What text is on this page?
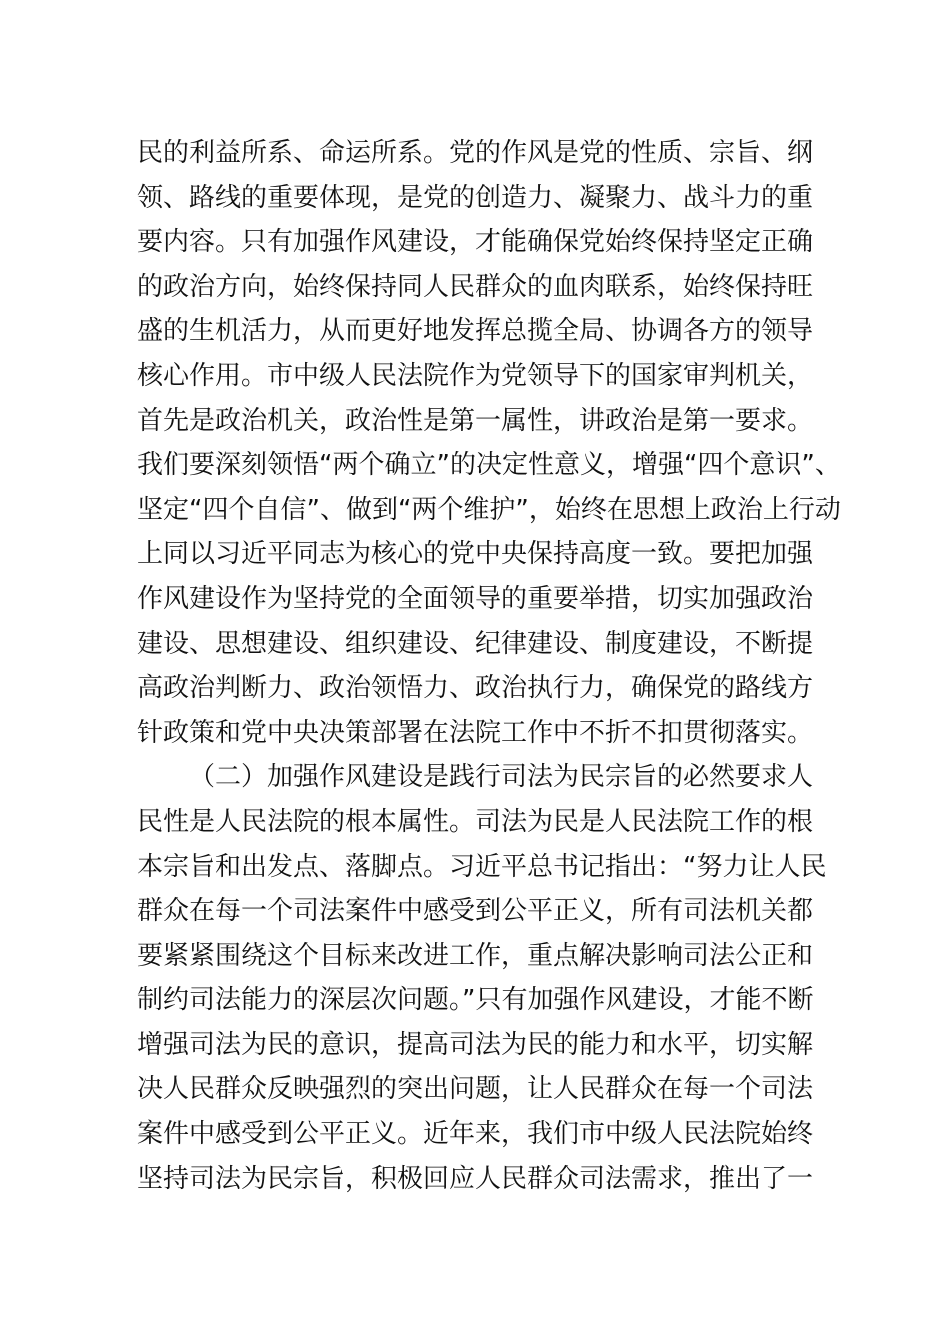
民的利益所系、命运所系。党的作风是党的性质、宗旨、纲
领、路线的重要体现，是党的创造力、凝聚力、战斗力的重
要内容。只有加强作风建设，才能确保党始终保持坚定正确
的政治方向，始终保持同人民群众的血肉联系，始终保持旺
盛的生机活力，从而更好地发挥总揽全局、协调各方的领导
核心作用。市中级人民法院作为党领导下的国家审判机关，
首先是政治机关，政治性是第一属性，讲政治是第一要求。
我们要深刻领悟“两个确立”的决定性意义，增强“四个意识”、
坚定“四个自信”、做到“两个维护”，始终在思想上政治上行动
上同以习近平同志为核心的党中央保持高度一致。要把加强
作风建设作为坚持党的全面领导的重要举措，切实加强政治
建设、思想建设、组织建设、纪律建设、制度建设，不断提
高政治判断力、政治领悟力、政治执行力，确保党的路线方
针政策和党中央决策部署在法院工作中不折不扣贯彻落实。
（二）加强作风建设是践行司法为民宗旨的必然要求人
民性是人民法院的根本属性。司法为民是人民法院工作的根
本宗旨和出发点、落脚点。习近平总书记指出：“努力让人民
群众在每一个司法案件中感受到公平正义，所有司法机关都
要紧紧围绕这个目标来改进工作，重点解决影响司法公正和
制约司法能力的深层次问题。”只有加强作风建设，才能不断
增强司法为民的意识，提高司法为民的能力和水平，切实解
决人民群众反映强烈的突出问题，让人民群众在每一个司法
案件中感受到公平正义。近年来，我们市中级人民法院始终
坚持司法为民宗旨，积极回应人民群众司法需求，推出了一
